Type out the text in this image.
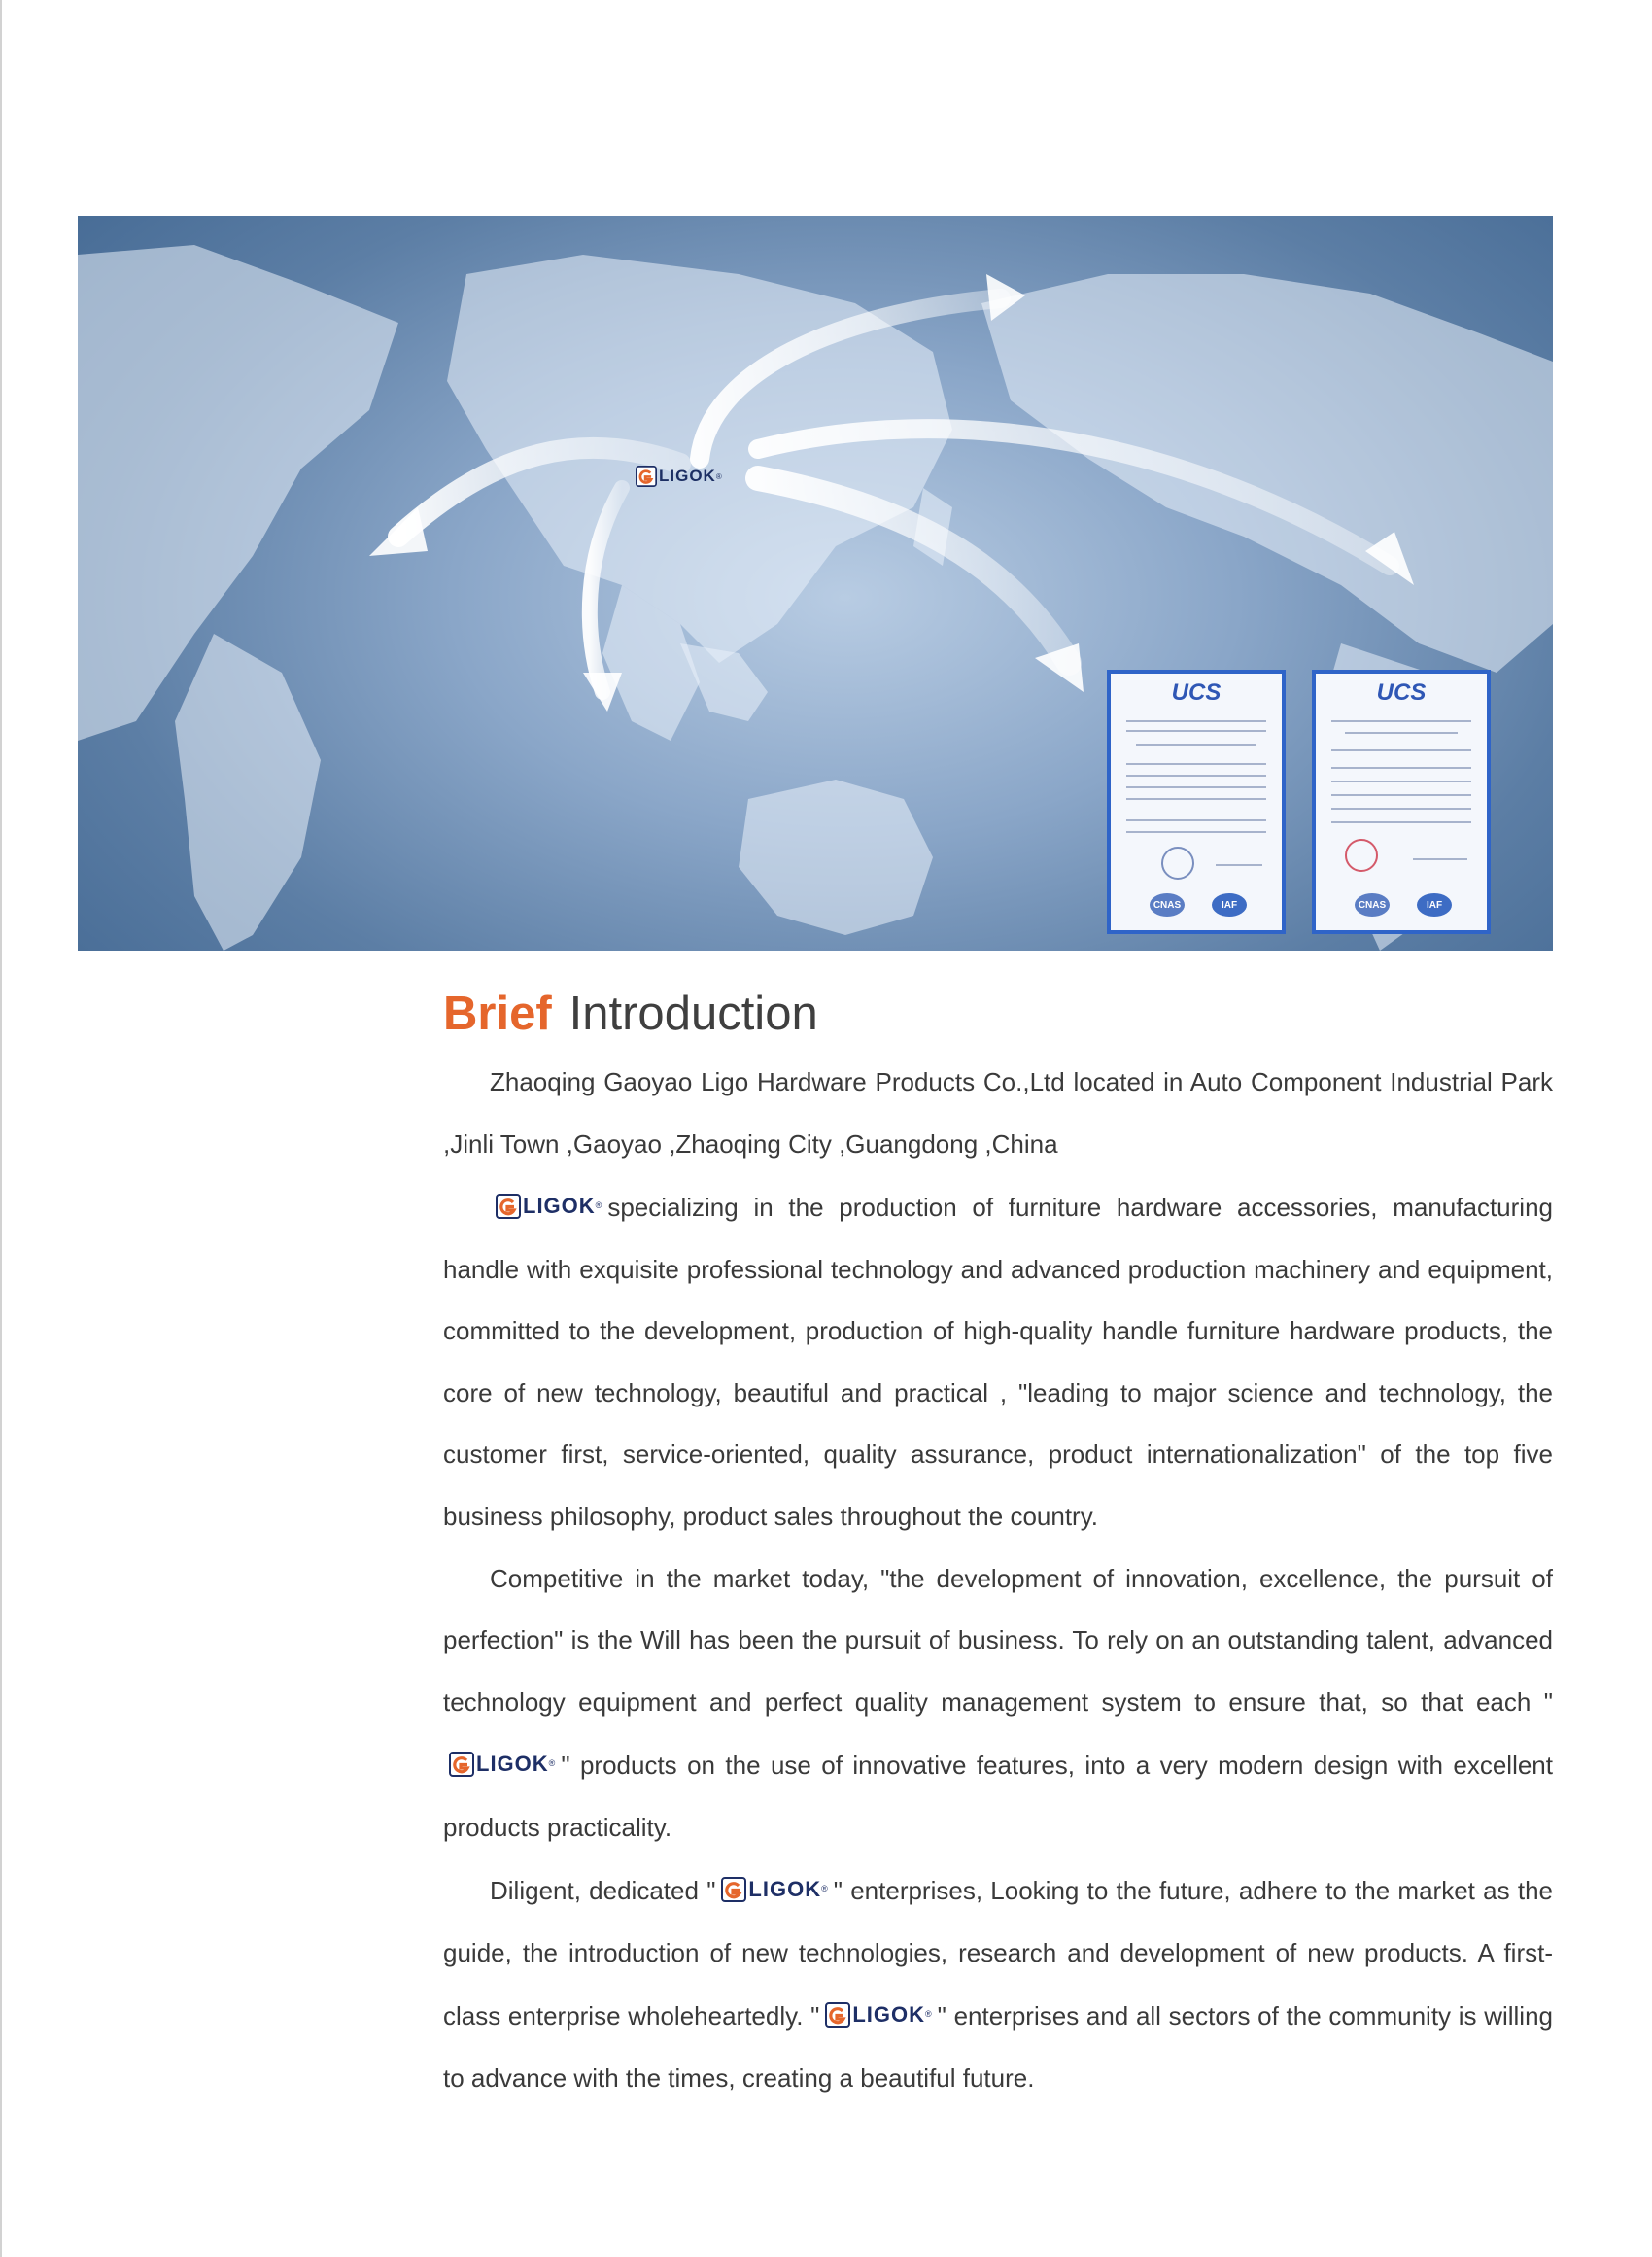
LIGOK ®
UCS
CNAS	IAF
UCS
CNAS	IAF
Brief Introduction
Zhaoqing Gaoyao Ligo Hardware Products Co.,Ltd located in Auto Component Industrial Park ,Jinli Town ,Gaoyao ,Zhaoqing City ,Guangdong ,China
LIGOK ® specializing in the production of furniture hardware accessories, manufacturing handle with exquisite professional technology and advanced production machinery and equipment, committed to the development, production of high-quality handle furniture hardware products, the core of new technology, beautiful and practical , "leading to major science and technology, the customer first, service-oriented, quality assurance, product internationalization" of the top five business philosophy, product sales throughout the country.
Competitive in the market today, "the development of innovation, excellence, the pursuit of perfection" is the Will has been the pursuit of business. To rely on an outstanding talent, advanced technology equipment and perfect quality management system to ensure that, so that each "
LIGOK ® " products on the use of innovative features, into a very modern design with excellent products practicality.
Diligent, dedicated " LIGOK ® " enterprises, Looking to the future, adhere to the market as the guide, the introduction of new technologies, research and development of new products. A first-class enterprise wholeheartedly. " LIGOK ® " enterprises and all sectors of the community is willing to advance with the times, creating a beautiful future.
